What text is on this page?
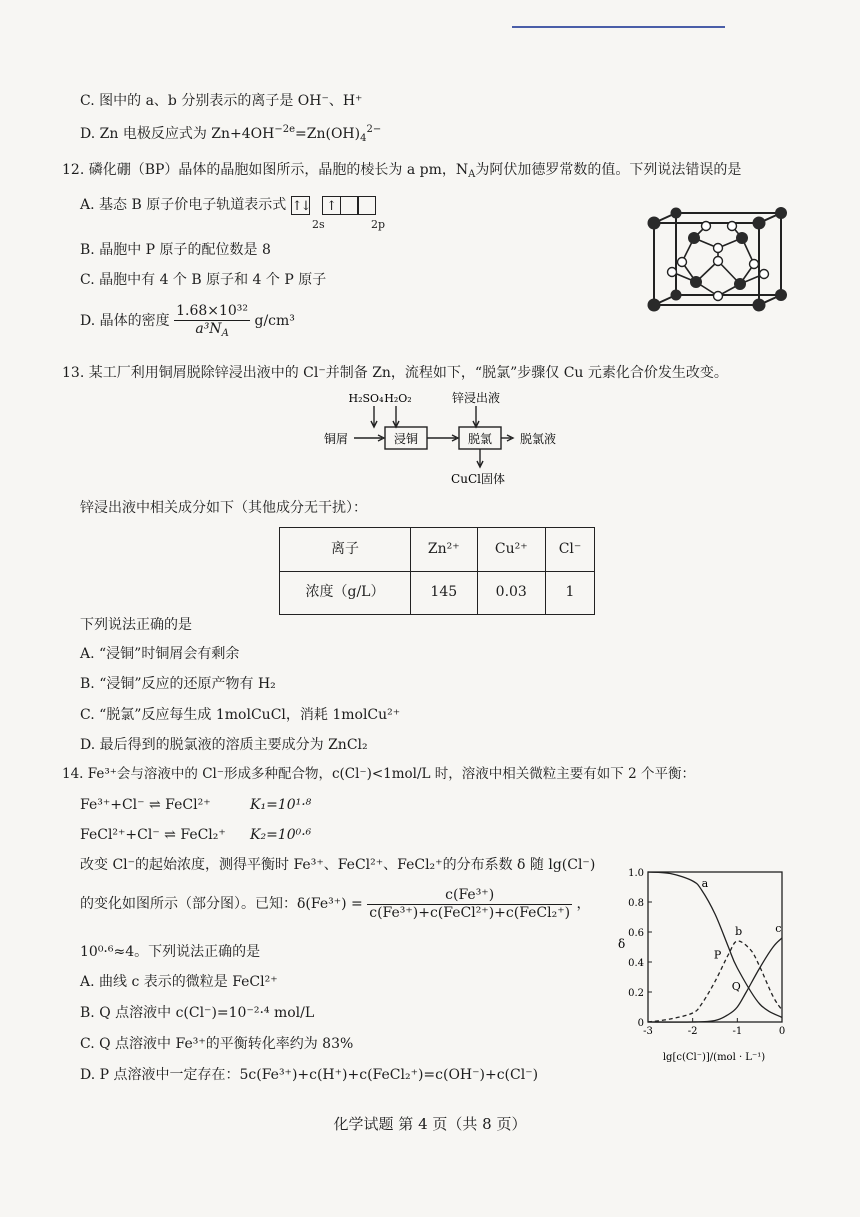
C. 图中的 a、b 分别表示的离子是 OH⁻、H⁺
D. Zn 电极反应式为 $Zn+4OH^{-2e}=Zn(OH)_4^{2-}$
12. 磷化硼（BP）晶体的晶胞如图所示，晶胞的棱长为 a pm，$N_A$为阿伏加德罗常数的值。下列说法错误的是
A. 基态 B 原子价电子轨道表示式 ↑↓ ↑
2s	2p
B. 晶胞中 P 原子的配位数是 8
C. 晶胞中有 4 个 B 原子和 4 个 P 原子
D. 晶体的密度 $\frac{\text{1.68×10³²}}{a^3N_A} g/cm^3$
13. 某工厂利用铜屑脱除锌浸出液中的 Cl⁻并制备 Zn，流程如下，“脱氯”步骤仅 Cu 元素化合价发生改变。
H₂SO₄ H₂O₂	锌浸出液
铜屑	浸铜	脱氯 脱氯液
CuCl固体
锌浸出液中相关成分如下（其他成分无干扰）：
离子	Zn²⁺	Cu²⁺	Cl⁻
浓度（g/L）	145	0.03	1
下列说法正确的是
A. “浸铜”时铜屑会有剩余
B. “浸铜”反应的还原产物有 H₂
C. “脱氯”反应每生成 1molCuCl，消耗 1molCu²⁺
D. 最后得到的脱氯液的溶质主要成分为 ZnCl₂
14. Fe³⁺会与溶液中的 Cl⁻形成多种配合物，c(Cl⁻)<1mol/L 时，溶液中相关微粒主要有如下 2 个平衡：
Fe³⁺+Cl⁻ ⇌ FeCl²⁺	K₁=10¹·⁸
FeCl²⁺+Cl⁻ ⇌ FeCl₂⁺ K₂=10⁰·⁶
改变 Cl⁻的起始浓度，测得平衡时 Fe³⁺、FeCl²⁺、FeCl₂⁺的分布系数 δ 随 lg(Cl⁻)
的变化如图所示（部分图）。已知：$\delta(Fe^{3+}) = \frac{\text{c(Fe³⁺)}}{\text{c(Fe³⁺)+c(FeCl²⁺)+c(FeCl₂⁺)}}$ ，
10⁰·⁶≈4。下列说法正确的是
A. 曲线 c 表示的微粒是 FeCl²⁺
B. Q 点溶液中 c(Cl⁻)=10⁻²·⁴ mol/L
C. Q 点溶液中 Fe³⁺的平衡转化率约为 83%
D. P 点溶液中一定存在：5c(Fe³⁺)+c(H⁺)+c(FeCl₂⁺)=c(OH⁻)+c(Cl⁻)
0
0.2
0.4
0.6
0.8
1.0
-3	-2	-1	0
a
b	c
P
Q
δ
lg[c(Cl⁻)]/(mol · L⁻¹)
化学试题 第 4 页（共 8 页）
